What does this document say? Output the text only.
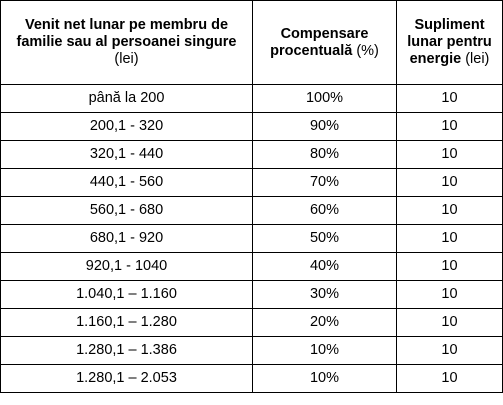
Venit net lunar pe membru de familie sau al persoanei singure (lei)	Compensare procentuală (%)	Supliment lunar pentru energie (lei)
până la 200	100%	10
200,1 - 320	90%	10
320,1 - 440	80%	10
440,1 - 560	70%	10
560,1 - 680	60%	10
680,1 - 920	50%	10
920,1 - 1040	40%	10
1.040,1 – 1.160	30%	10
1.160,1 – 1.280	20%	10
1.280,1 – 1.386	10%	10
1.280,1 – 2.053	10%	10
